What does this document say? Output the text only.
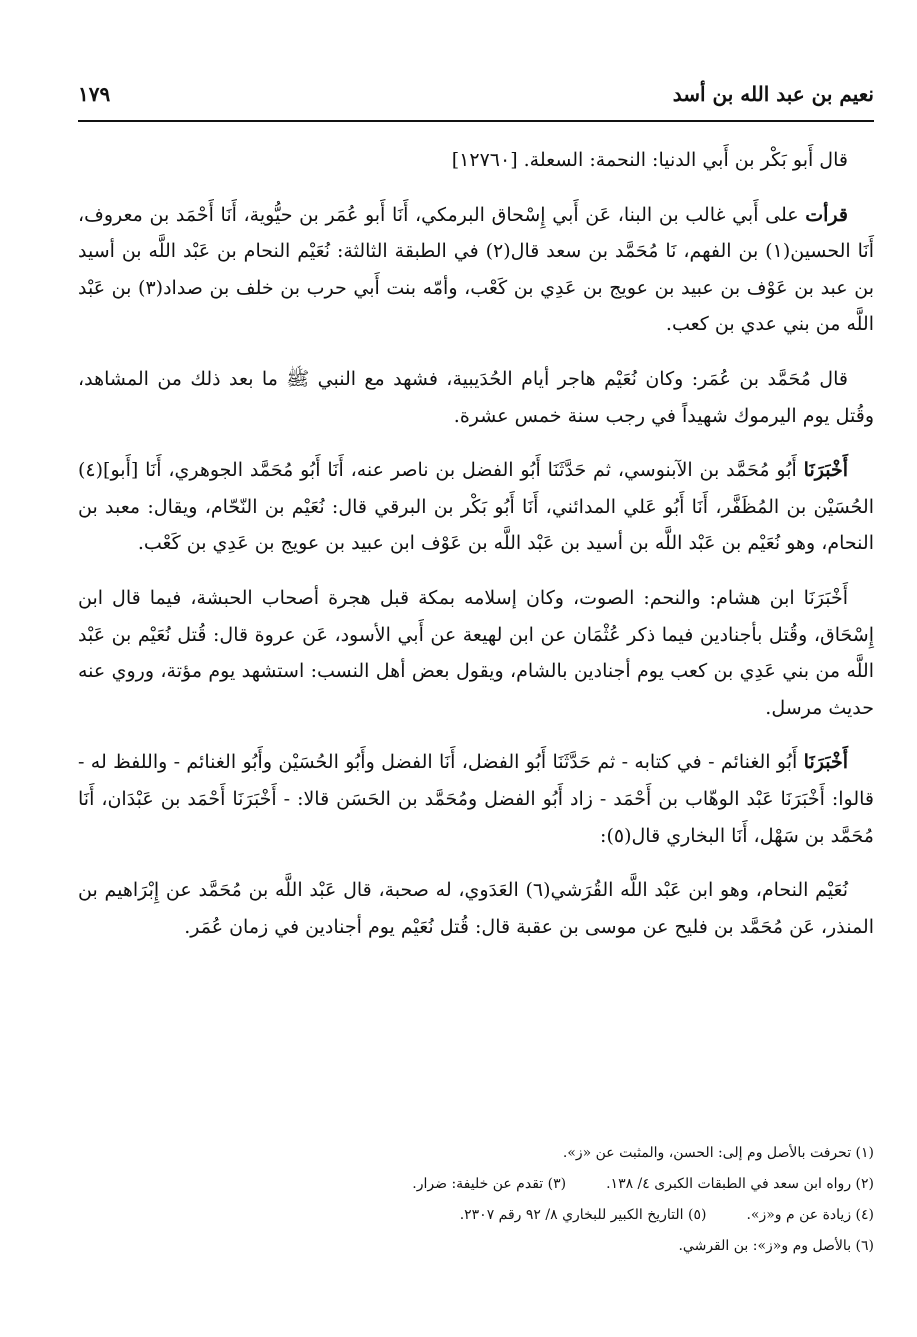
نعيم بن عبد الله بن أسد
١٧٩

قال أَبو بَكْر بن أَبي الدنيا: النحمة: السعلة. [١٢٧٦٠]

قرأت على أَبي غالب بن البنا، عَن أَبي إِسْحاق البرمكي، أَنَا أَبو عُمَر بن حيُّوية، أَنَا أَحْمَد بن معروف، أَنَا الحسين(١) بن الفهم، نَا مُحَمَّد بن سعد قال(٢) في الطبقة الثالثة: نُعَيْم النحام بن عَبْد اللَّه بن أسيد بن عبد بن عَوْف بن عبيد بن عويج بن عَدِي بن كَعْب، وأمّه بنت أَبي حرب بن خلف بن صداد(٣) بن عَبْد اللَّه من بني عدي بن كعب.

قال مُحَمَّد بن عُمَر: وكان نُعَيْم هاجر أيام الحُدَيبية، فشهد مع النبي ﷺ ما بعد ذلك من المشاهد، وقُتل يوم اليرموك شهيداً في رجب سنة خمس عشرة.

أَخْبَرَنَا أَبُو مُحَمَّد بن الآبنوسي، ثم حَدَّثَنَا أَبُو الفضل بن ناصر عنه، أَنَا أَبُو مُحَمَّد الجوهري، أَنَا [أَبو](٤) الحُسَيْن بن المُظَفَّر، أَنَا أَبُو عَلي المدائني، أَنَا أَبُو بَكْر بن البرقي قال: نُعَيْم بن النّحّام، ويقال: معبد بن النحام، وهو نُعَيْم بن عَبْد اللَّه بن أسيد بن عَبْد اللَّه بن عَوْف ابن عبيد بن عويج بن عَدِي بن كَعْب.

أَخْبَرَنَا ابن هشام: والنحم: الصوت، وكان إسلامه بمكة قبل هجرة أصحاب الحبشة، فيما قال ابن إِسْحَاق، وقُتل بأجنادين فيما ذكر عُثْمَان عن ابن لهيعة عن أَبي الأسود، عَن عروة قال: قُتل نُعَيْم بن عَبْد اللَّه من بني عَدِي بن كعب يوم أجنادين بالشام، ويقول بعض أهل النسب: استشهد يوم مؤتة، وروي عنه حديث مرسل.

أَخْبَرَنَا أَبُو الغنائم - في كتابه - ثم حَدَّثَنَا أَبُو الفضل، أَنَا الفضل وأَبُو الحُسَيْن وأَبُو الغنائم - واللفظ له - قالوا: أَخْبَرَنَا عَبْد الوهّاب بن أَحْمَد - زاد أَبُو الفضل ومُحَمَّد بن الحَسَن قالا: - أَخْبَرَنَا أَحْمَد بن عَبْدَان، أَنَا مُحَمَّد بن سَهْل، أَنَا البخاري قال(٥):

نُعَيْم النحام، وهو ابن عَبْد اللَّه القُرَشي(٦) العَدَوي، له صحبة، قال عَبْد اللَّه بن مُحَمَّد عن إِبْرَاهيم بن المنذر، عَن مُحَمَّد بن فليح عن موسى بن عقبة قال: قُتل نُعَيْم يوم أجنادين في زمان عُمَر.

(١) تحرفت بالأصل وم إلى: الحسن، والمثبت عن «ز».
(٢) رواه ابن سعد في الطبقات الكبرى ٤/ ١٣٨.
(٣) تقدم عن خليفة: ضرار.
(٤) زيادة عن م و«ز».
(٥) التاريخ الكبير للبخاري ٨/ ٩٢ رقم ٢٣٠٧.
(٦) بالأصل وم و«ز»: بن القرشي.
